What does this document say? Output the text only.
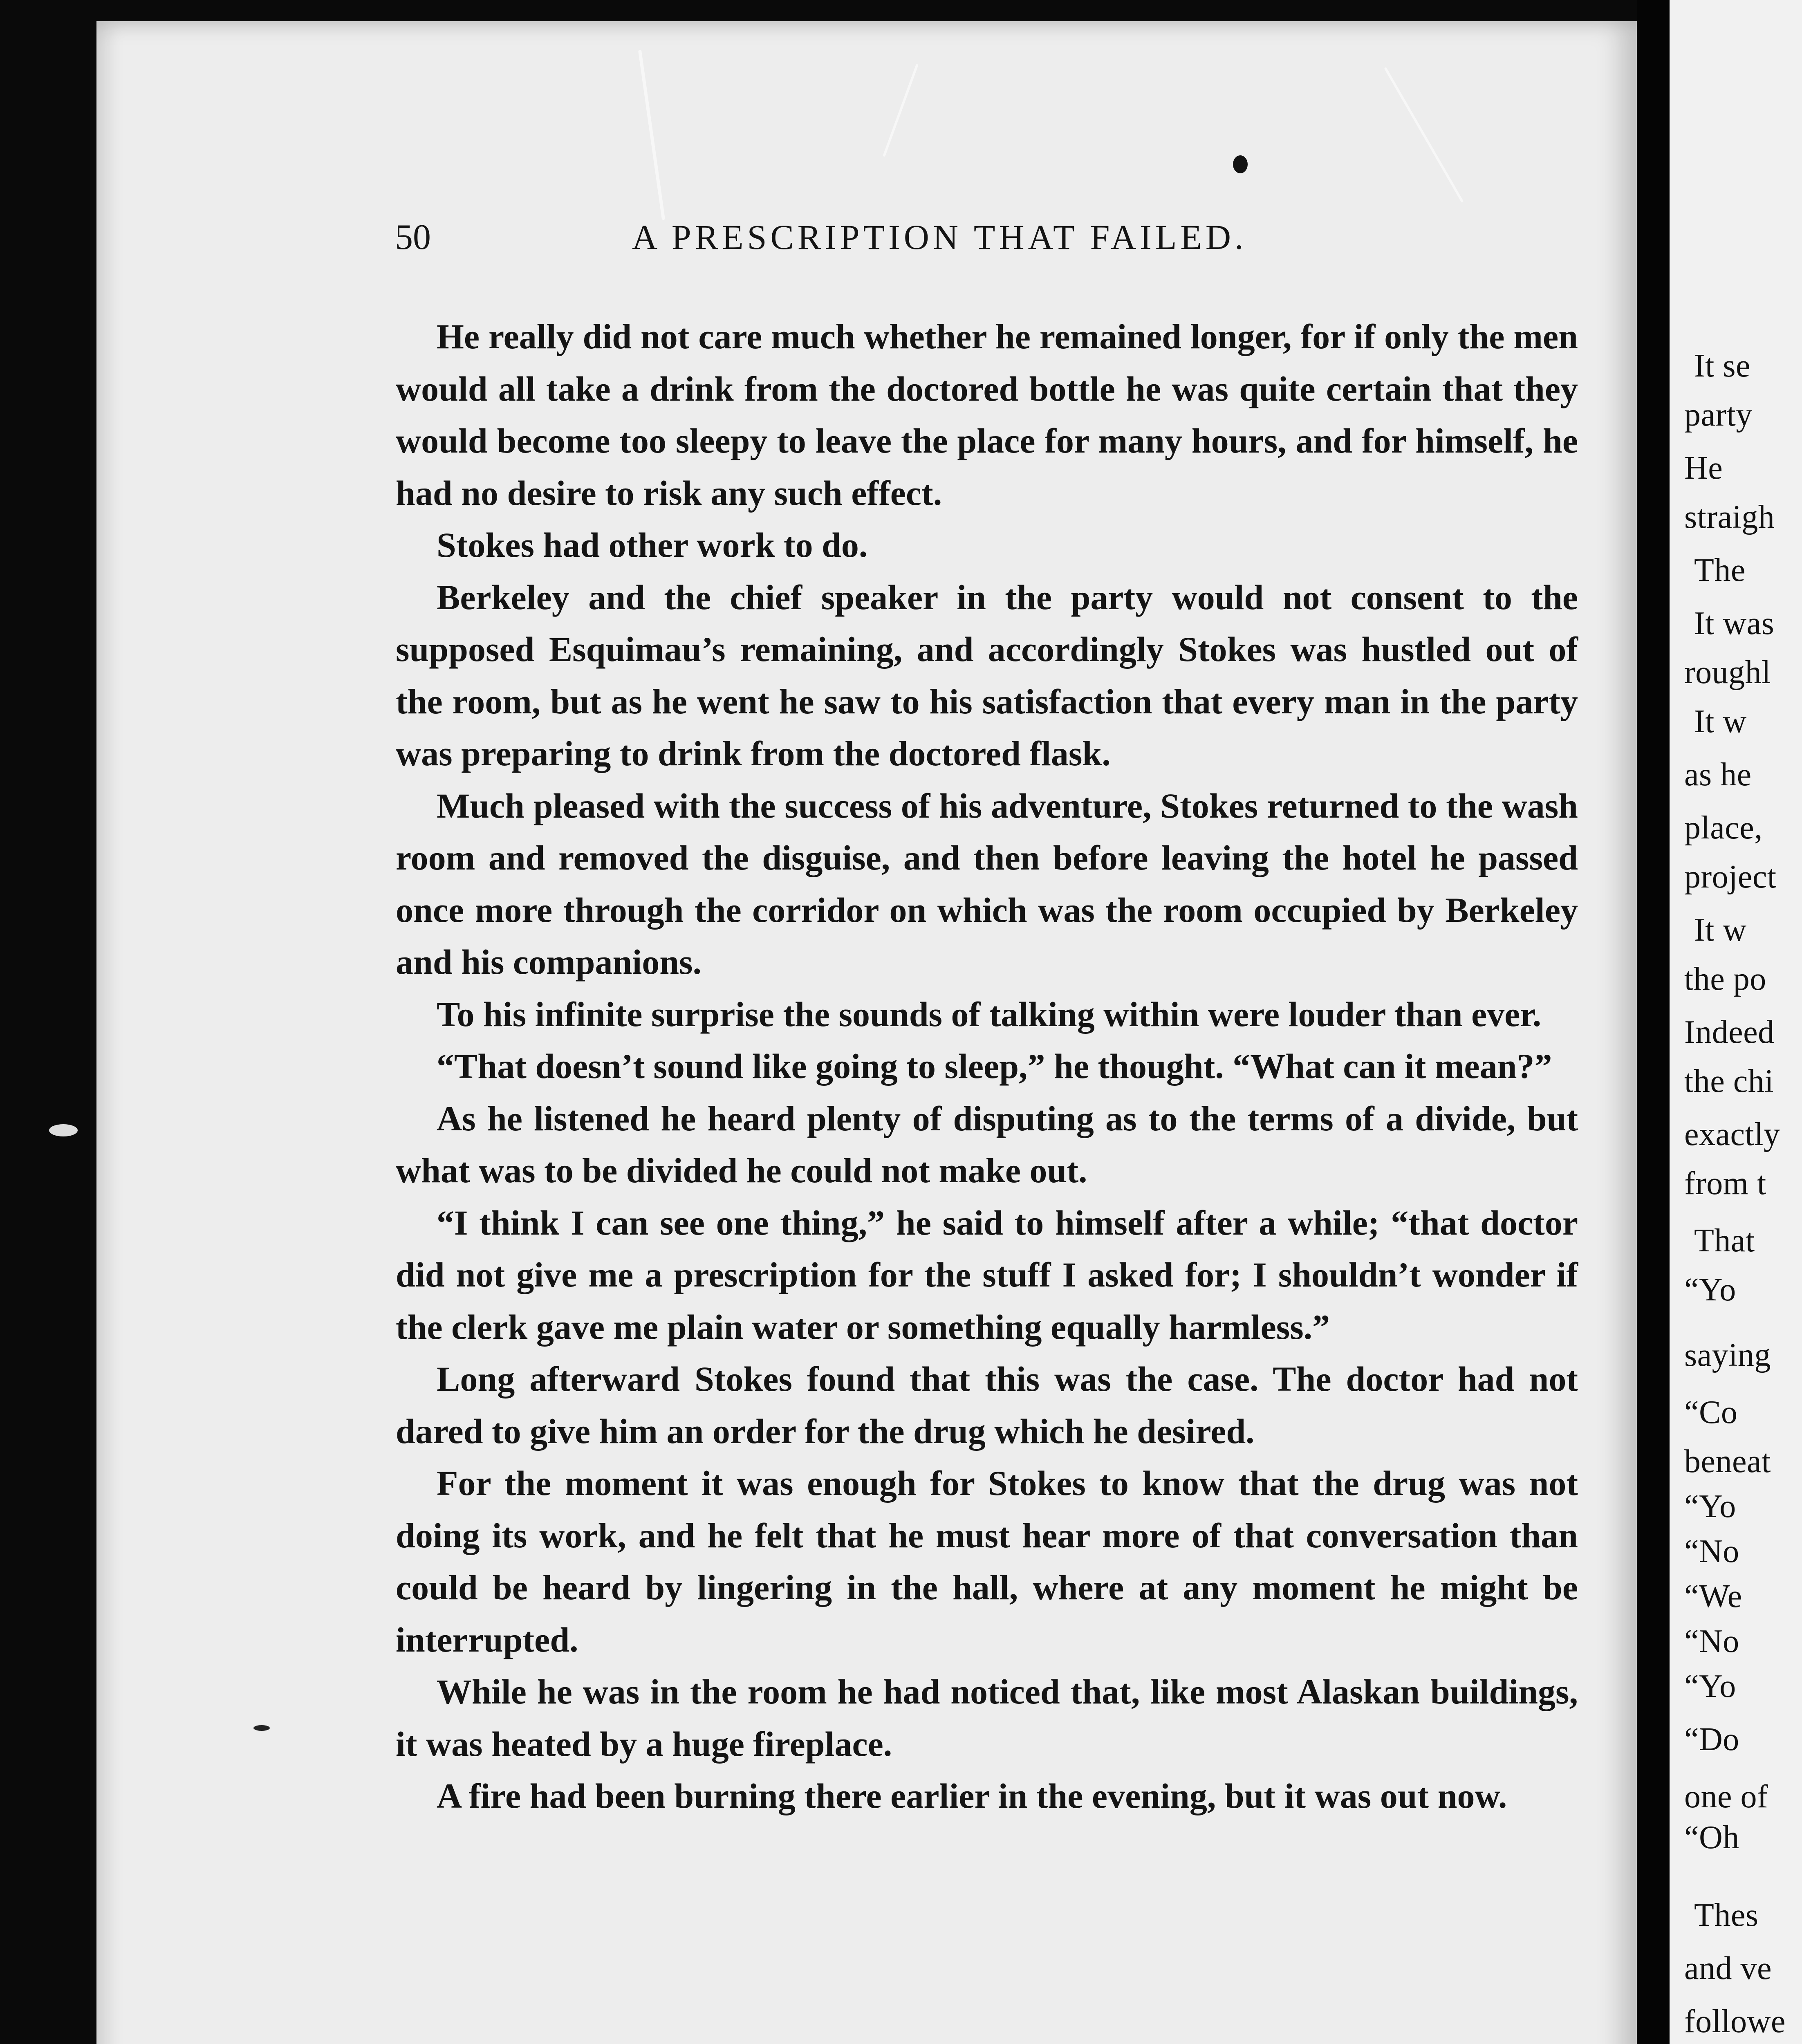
It se
party
He
straigh
The
It was
roughl
It w
as he
place,
project
It w
the po
Indeed
the chi
exactly
from t
That
“Yo
saying
“Co
beneat
“Yo
“No
“We
“No
“Yo
“Do
one of
“Oh
Thes
and ve
followe
50	A PRESCRIPTION THAT FAILED.

He really did not care much whether he remained longer, for if only the men would all take a drink from the doctored bottle he was quite certain that they would become too sleepy to leave the place for many hours, and for himself, he had no desire to risk any such effect.

Stokes had other work to do.

Berkeley and the chief speaker in the party would not consent to the supposed Esquimau’s remaining, and accordingly Stokes was hustled out of the room, but as he went he saw to his satisfaction that every man in the party was preparing to drink from the doctored flask.

Much pleased with the success of his adventure, Stokes returned to the wash room and removed the disguise, and then before leaving the hotel he passed once more through the corridor on which was the room occupied by Berkeley and his companions.

To his infinite surprise the sounds of talking within were louder than ever.

“That doesn’t sound like going to sleep,” he thought. “What can it mean?”

As he listened he heard plenty of disputing as to the terms of a divide, but what was to be divided he could not make out.

“I think I can see one thing,” he said to himself after a while; “that doctor did not give me a prescription for the stuff I asked for; I shouldn’t wonder if the clerk gave me plain water or something equally harmless.”

Long afterward Stokes found that this was the case. The doctor had not dared to give him an order for the drug which he desired.

For the moment it was enough for Stokes to know that the drug was not doing its work, and he felt that he must hear more of that conversation than could be heard by lingering in the hall, where at any moment he might be interrupted.

While he was in the room he had noticed that, like most Alaskan buildings, it was heated by a huge fireplace.

A fire had been burning there earlier in the evening, but it was out now.
